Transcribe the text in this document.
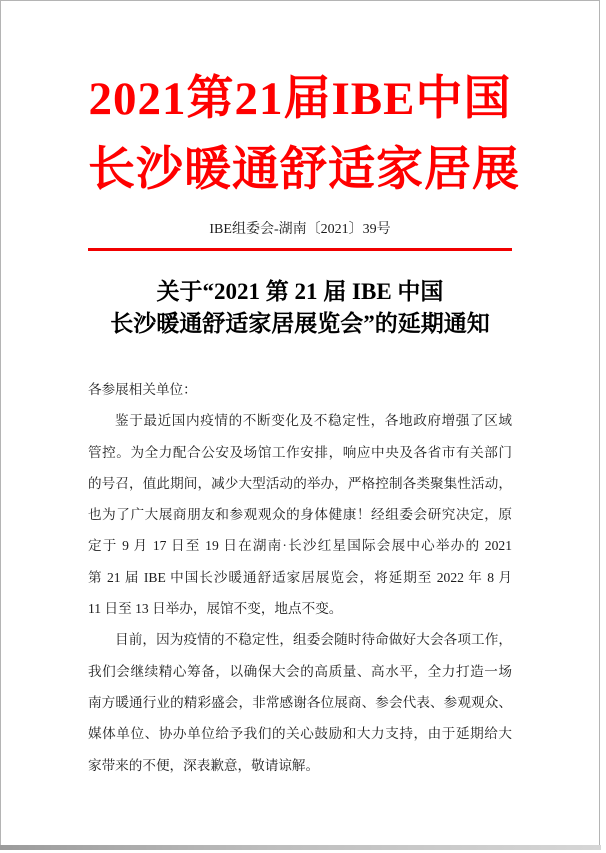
2021第21届IBE中国
长沙暖通舒适家居展
IBE组委会-湖南〔2021〕39号
关于“2021 第 21 届 IBE 中国
长沙暖通舒适家居展览会”的延期通知
各参展相关单位：
鉴于最近国内疫情的不断变化及不稳定性，各地政府增强了区域
管控。为全力配合公安及场馆工作安排，响应中央及各省市有关部门
的号召，值此期间，减少大型活动的举办，严格控制各类聚集性活动，
也为了广大展商朋友和参观观众的身体健康！经组委会研究决定，原
定于 9 月 17 日至 19 日在湖南·长沙红星国际会展中心举办的 2021
第 21 届 IBE 中国长沙暖通舒适家居展览会，将延期至 2022 年 8 月
11 日至 13 日举办，展馆不变，地点不变。
目前，因为疫情的不稳定性，组委会随时待命做好大会各项工作，
我们会继续精心筹备，以确保大会的高质量、高水平，全力打造一场
南方暖通行业的精彩盛会，非常感谢各位展商、参会代表、参观观众、
媒体单位、协办单位给予我们的关心鼓励和大力支持，由于延期给大
家带来的不便，深表歉意，敬请谅解。
